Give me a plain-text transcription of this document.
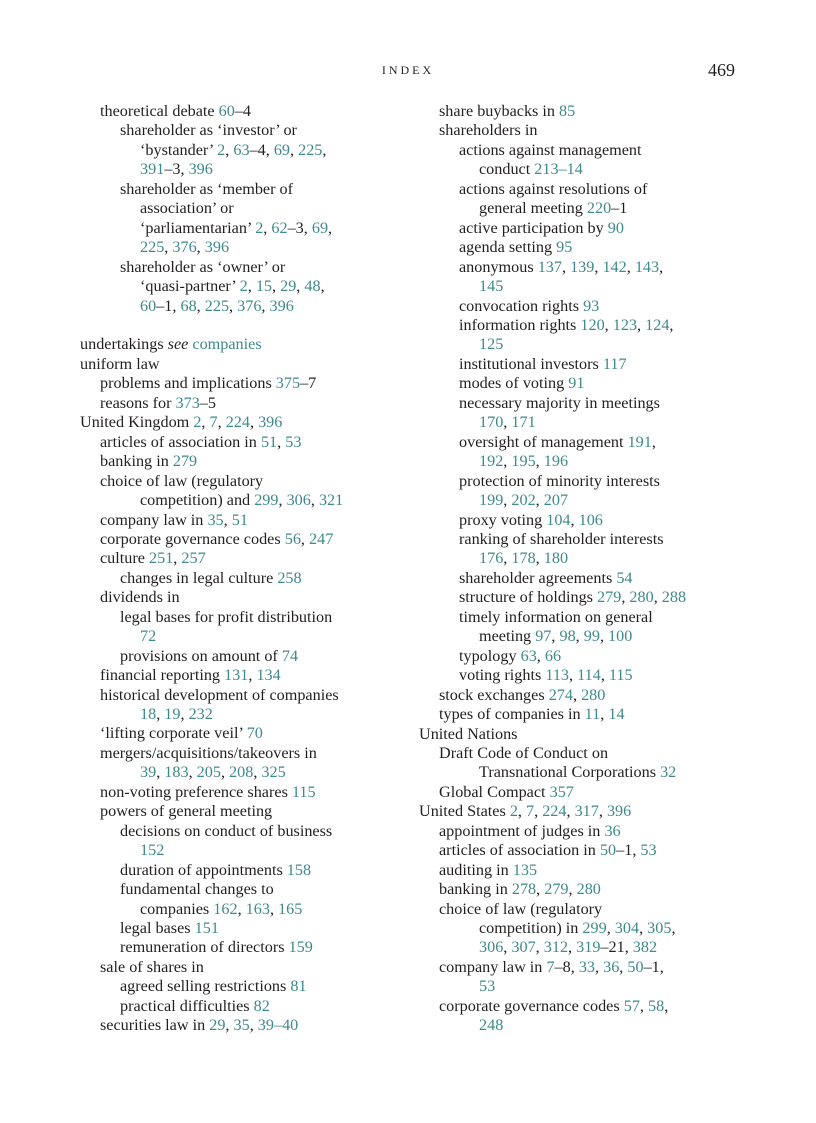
INDEX	469
theoretical debate 60–4
shareholder as ‘investor’ or
‘bystander’ 2, 63–4, 69, 225,
391–3, 396
shareholder as ‘member of
association’ or
‘parliamentarian’ 2, 62–3, 69,
225, 376, 396
shareholder as ‘owner’ or
‘quasi-partner’ 2, 15, 29, 48,
60–1, 68, 225, 376, 396
undertakings see companies
uniform law
problems and implications 375–7
reasons for 373–5
United Kingdom 2, 7, 224, 396
articles of association in 51, 53
banking in 279
choice of law (regulatory
competition) and 299, 306, 321
company law in 35, 51
corporate governance codes 56, 247
culture 251, 257
changes in legal culture 258
dividends in
legal bases for profit distribution
72
provisions on amount of 74
financial reporting 131, 134
historical development of companies
18, 19, 232
‘lifting corporate veil’ 70
mergers/acquisitions/takeovers in
39, 183, 205, 208, 325
non-voting preference shares 115
powers of general meeting
decisions on conduct of business
152
duration of appointments 158
fundamental changes to
companies 162, 163, 165
legal bases 151
remuneration of directors 159
sale of shares in
agreed selling restrictions 81
practical difficulties 82
securities law in 29, 35, 39–40
share buybacks in 85
shareholders in
actions against management
conduct 213–14
actions against resolutions of
general meeting 220–1
active participation by 90
agenda setting 95
anonymous 137, 139, 142, 143,
145
convocation rights 93
information rights 120, 123, 124,
125
institutional investors 117
modes of voting 91
necessary majority in meetings
170, 171
oversight of management 191,
192, 195, 196
protection of minority interests
199, 202, 207
proxy voting 104, 106
ranking of shareholder interests
176, 178, 180
shareholder agreements 54
structure of holdings 279, 280, 288
timely information on general
meeting 97, 98, 99, 100
typology 63, 66
voting rights 113, 114, 115
stock exchanges 274, 280
types of companies in 11, 14
United Nations
Draft Code of Conduct on
Transnational Corporations 32
Global Compact 357
United States 2, 7, 224, 317, 396
appointment of judges in 36
articles of association in 50–1, 53
auditing in 135
banking in 278, 279, 280
choice of law (regulatory
competition) in 299, 304, 305,
306, 307, 312, 319–21, 382
company law in 7–8, 33, 36, 50–1,
53
corporate governance codes 57, 58,
248
